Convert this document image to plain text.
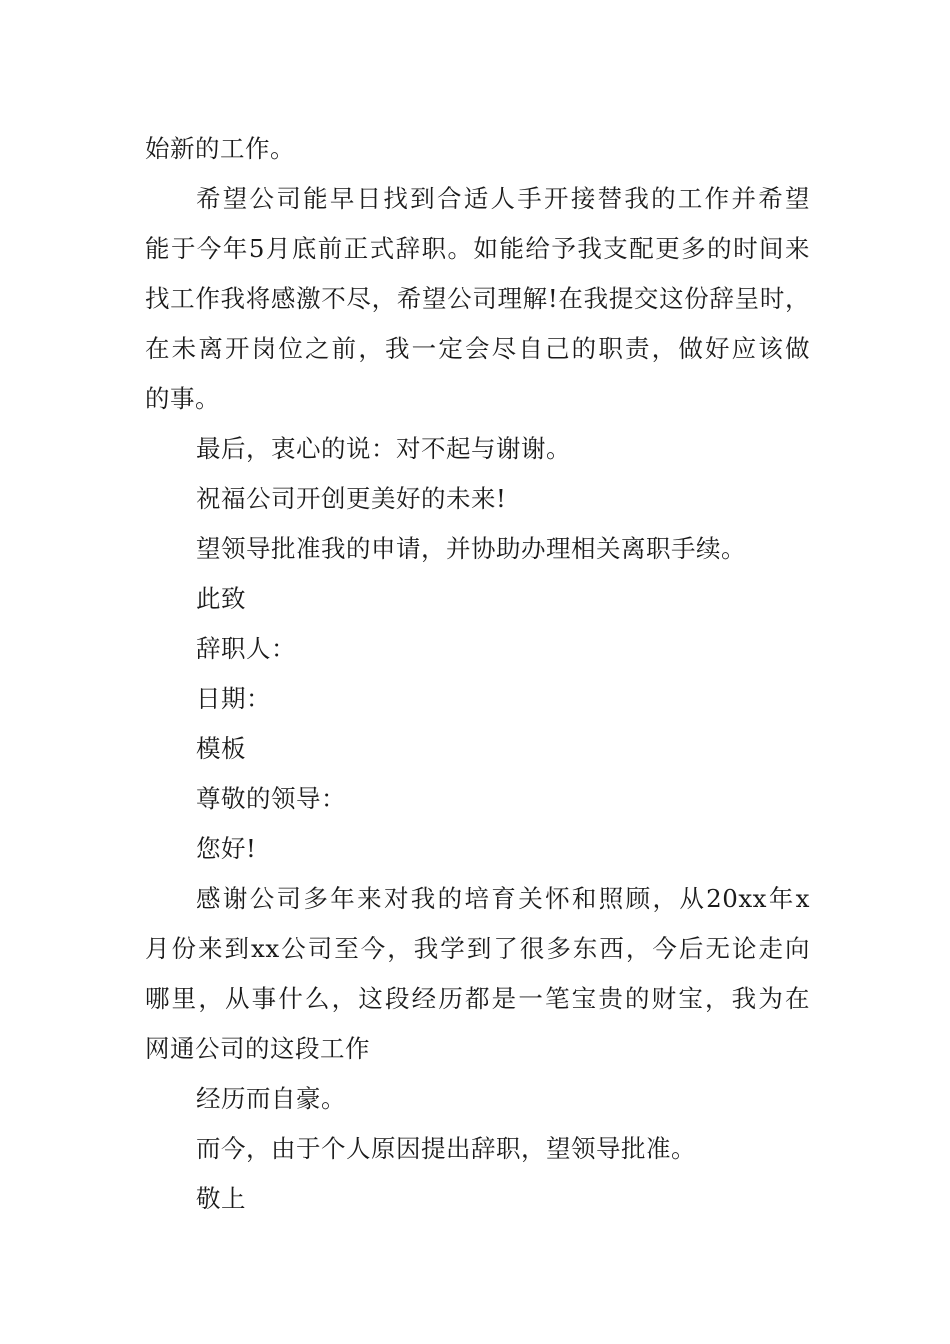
始新的工作。
希望公司能早日找到合适人手开接替我的工作并希望
能于今年5月底前正式辞职。如能给予我支配更多的时间来
找工作我将感激不尽，希望公司理解!在我提交这份辞呈时，
在未离开岗位之前，我一定会尽自己的职责，做好应该做
的事。
最后，衷心的说：对不起与谢谢。
祝福公司开创更美好的未来!
望领导批准我的申请，并协助办理相关离职手续。
此致
辞职人：
日期：
模板
尊敬的领导：
您好!
感谢公司多年来对我的培育关怀和照顾，从20xx年x
月份来到xx公司至今，我学到了很多东西，今后无论走向
哪里，从事什么，这段经历都是一笔宝贵的财宝，我为在
网通公司的这段工作
经历而自豪。
而今，由于个人原因提出辞职，望领导批准。
敬上
